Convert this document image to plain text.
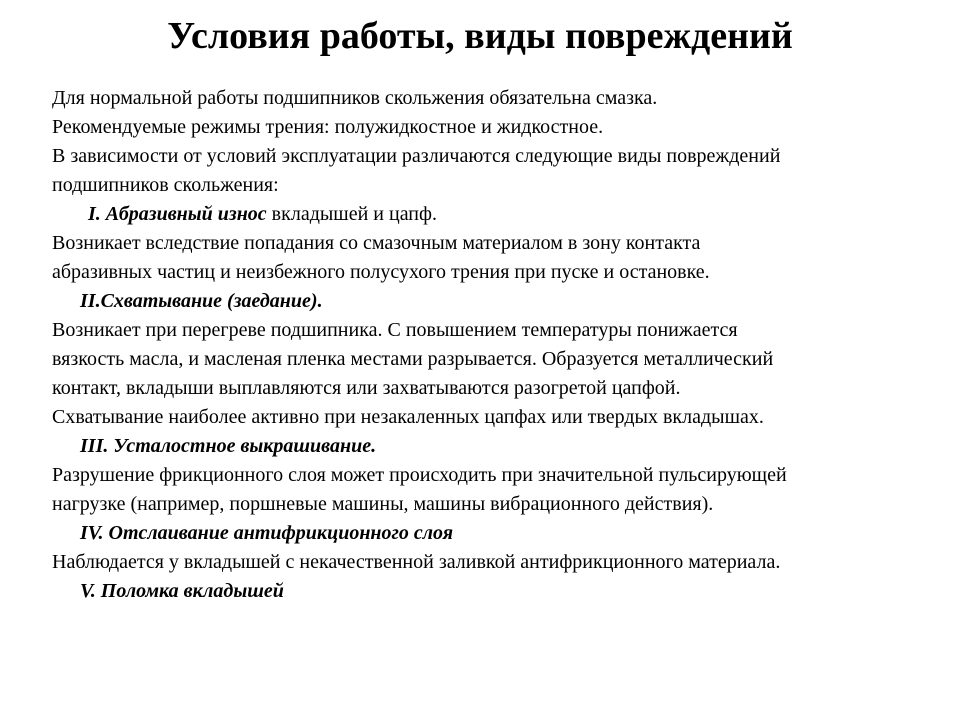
Условия работы, виды повреждений
Для нормальной работы подшипников скольжения обязательна смазка.
Рекомендуемые режимы трения: полужидкостное и жидкостное.
В зависимости от условий эксплуатации различаются следующие виды повреждений
подшипников скольжения:
I. Абразивный износ вкладышей и цапф.
Возникает вследствие попадания со смазочным материалом в зону контакта
абразивных частиц и неизбежного полусухого трения при пуске и остановке.
II.Схватывание (заедание).
Возникает при перегреве подшипника. С повышением температуры понижается
вязкость масла, и масленая пленка местами разрывается. Образуется металлический
контакт, вкладыши выплавляются или захватываются разогретой цапфой.
Схватывание наиболее активно при незакаленных цапфах или твердых вкладышах.
III. Усталостное выкрашивание.
Разрушение фрикционного слоя может происходить при значительной пульсирующей
нагрузке (например, поршневые машины, машины вибрационного действия).
IV. Отслаивание антифрикционного слоя
Наблюдается у вкладышей с некачественной заливкой антифрикционного материала.
V. Поломка вкладышей
